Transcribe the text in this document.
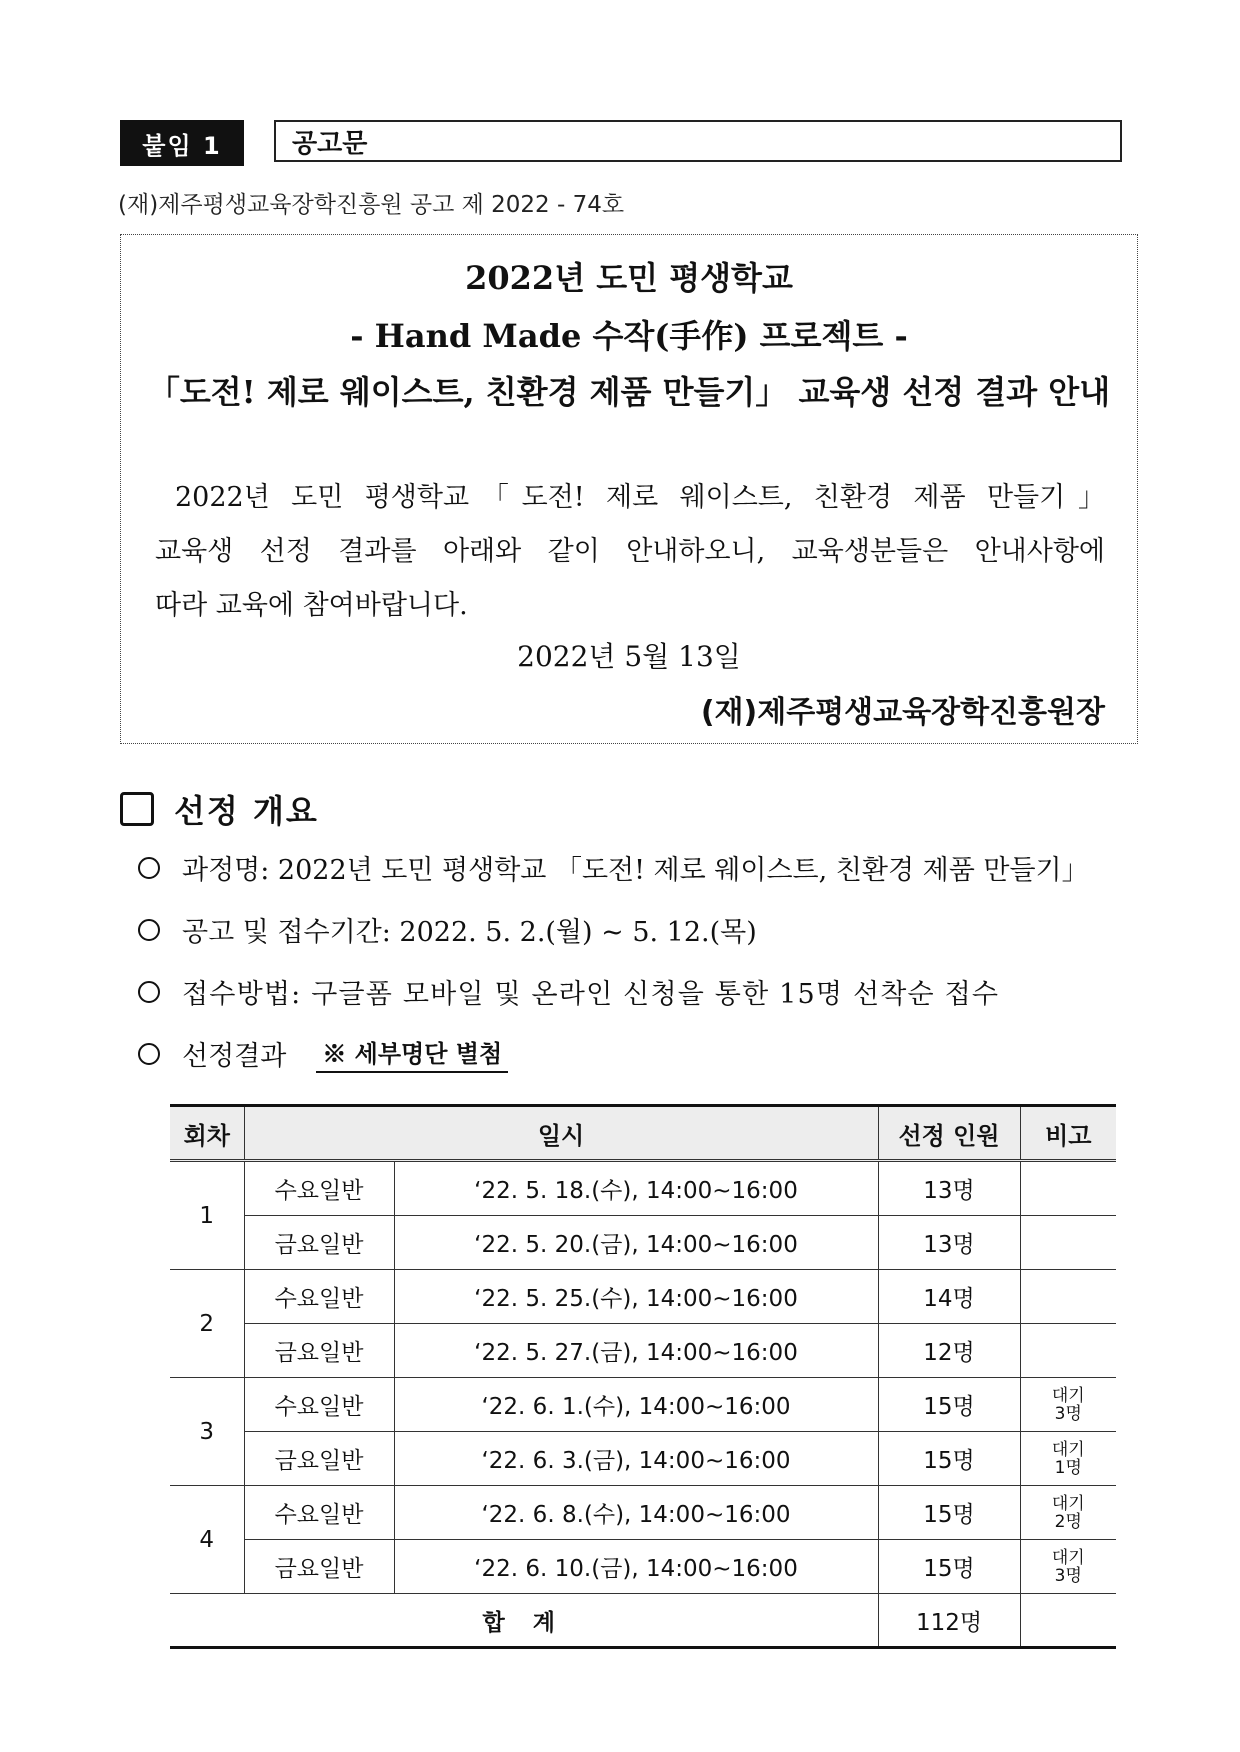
붙임 1	공고문
(재)제주평생교육장학진흥원 공고 제 2022 - 74호
2022년 도민 평생학교
- Hand Made 수작(手作) 프로젝트 -
「도전! 제로 웨이스트, 친환경 제품 만들기」 교육생 선정 결과 안내
2022년 도민 평생학교「도전! 제로 웨이스트, 친환경 제품 만들기」
교육생 선정 결과를 아래와 같이 안내하오니, 교육생분들은 안내사항에
따라 교육에 참여바랍니다.
2022년 5월 13일
(재)제주평생교육장학진흥원장
선정 개요
과정명: 2022년 도민 평생학교 「도전! 제로 웨이스트, 친환경 제품 만들기」
공고 및 접수기간: 2022. 5. 2.(월) ~ 5. 12.(목)
접수방법: 구글폼 모바일 및 온라인 신청을 통한 15명 선착순 접수
선정결과 ※ 세부명단 별첨
회차	일시		선정 인원	비고
1	수요일반	‘22. 5. 18.(수), 14:00~16:00	13명	

	금요일반	‘22. 5. 20.(금), 14:00~16:00	13명	

2	수요일반	‘22. 5. 25.(수), 14:00~16:00	14명	

	금요일반	‘22. 5. 27.(금), 14:00~16:00	12명	

3	수요일반	‘22. 6. 1.(수), 14:00~16:00	15명	대기
3명

	금요일반	‘22. 6. 3.(금), 14:00~16:00	15명	대기
1명

4	수요일반	‘22. 6. 8.(수), 14:00~16:00	15명	대기
2명

	금요일반	‘22. 6. 10.(금), 14:00~16:00	15명	대기
3명

합 계			112명	
